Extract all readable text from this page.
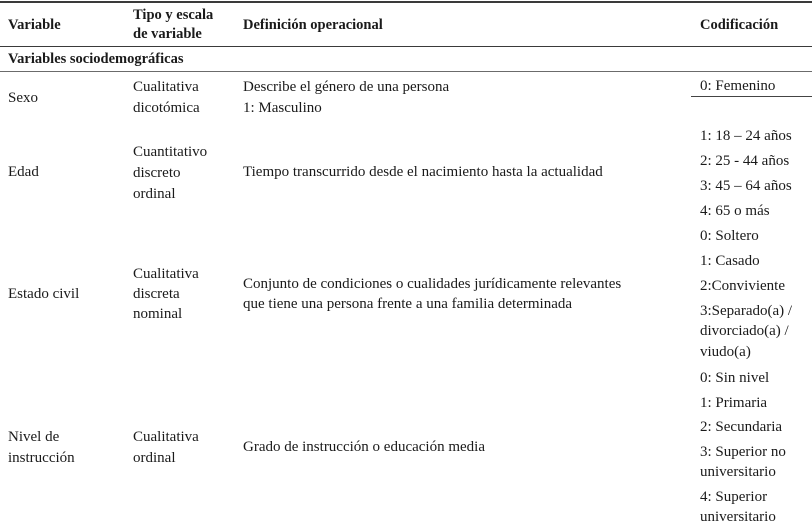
Variable
Tipo y escala
de variable
Definición operacional	Codificación
Variables sociodemográficas
Sexo
Cualitativa
dicotómica
Describe el género de una persona
1: Masculino
0: Femenino
Edad
Cuantitativo
discreto
ordinal
Tiempo transcurrido desde el nacimiento hasta la actualidad
1: 18 – 24 años
2: 25 - 44 años
3: 45 – 64 años
4: 65 o más
Estado civil
Cualitativa
discreta
nominal
Conjunto de condiciones o cualidades jurídicamente relevantes
que tiene una persona frente a una familia determinada
0: Soltero
1: Casado
2:Conviviente
3:Separado(a) /
divorciado(a) /
viudo(a)
Nivel de
instrucción
Cualitativa
ordinal
Grado de instrucción o educación media
0: Sin nivel
1: Primaria
2: Secundaria
3: Superior no
universitario
4: Superior
universitario
